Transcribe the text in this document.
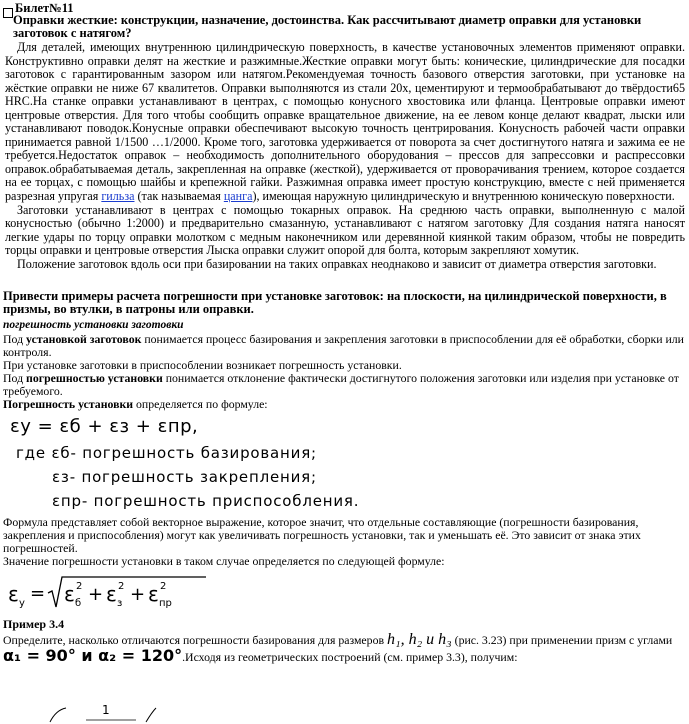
Билет№11
Оправки жесткие: конструкции, назначение, достоинства. Как рассчитывают диаметр оправки для установки заготовок с натягом?

Для деталей, имеющих внутреннюю цилиндрическую поверхность, в качестве установочных элементов применяют оправки. Конструктивно оправки делят на жесткие и разжимные.Жесткие оправки могут быть: конические, цилиндрические для посадки заготовок с гарантированным зазором или натягом.Рекомендуемая точность базового отверстия заготовки, при установке на жёсткие оправки не ниже 67 квалитетов. Оправки выполняются из стали 20х, цементируют и термообрабатывают до твёрдости65 HRC.На станке оправки устанавливают в центрах, с помощью конусного хвостовика или фланца. Центровые оправки имеют центровые отверстия. Для того чтобы сообщить оправке вращательное движение, на ее левом конце делают квадрат, лыски или устанавливают поводок.Конусные оправки обеспечивают высокую точность центрирования. Конусность рабочей части оправки принимается равной 1/1500 …1/2000. Кроме того, заготовка удерживается от поворота за счет достигнутого натяга и зажима ее не требуется.Недостаток оправок – необходимость дополнительного оборудования – прессов для запрессовки и распрессовки оправок.обрабатываемая деталь, закрепленная на оправке (жесткой), удерживается от проворачивания трением, которое создается на ее торцах, с помощью шайбы и крепежной гайки. Разжимная оправка имеет простую конструкцию, вместе с ней применяется разрезная упругая гильза (так называемая цанга), имеющая наружную цилиндрическую и внутреннюю коническую поверхности.

Заготовки устанавливают в центрах с помощью токарных оправок. На среднюю часть оправки, выполненную с малой конусностью (обычно 1:2000) и предварительно смазанную, устанавливают с натягом заготовку Для создания натяга наносят легкие удары по торцу оправки молотком с медным наконечником или деревянной киянкой таким образом, чтобы не повредить торцы оправки и центровые отверстия Лыска оправки служит опорой для болта, которым закрепляют хомутик.

Положение заготовок вдоль оси при базировании на таких оправках неоднаково и зависит от диаметра отверстия заготовки.

Привести примеры расчета погрешности при установке заготовок: на плоскости, на цилиндрической поверхности, в призмы, во втулки, в патроны или оправки.
погрешность установки заготовки

Под установкой заготовок понимается процесс базирования и закрепления заготовки в приспособлении для её обработки, сборки или контроля.

При установке заготовки в приспособлении возникает погрешность установки.

Под погрешностью установки понимается отклонение фактически достигнутого положения заготовки или изделия при установке от требуемого.

Погрешность установки определяется по формуле:

εу = εб + εз + εпр,
где εб- погрешность базирования;
εз- погрешность закрепления;
εпр- погрешность приспособления.

Формула представляет собой векторное выражение, которое значит, что отдельные составляющие (погрешности базирования, закрепления и приспособления) могут как увеличивать погрешность установки, так и уменьшать её. Это зависит от знака этих погрешностей.

Значение погрешности установки в таком случае определяется по следующей формуле:

ε y = ε 2
б + ε 2
з + ε 2
пр
Пример 3.4

Определите, насколько отличаются погрешности базирования для размеров h₁, h₂ и h₃ (рис. 3.23) при применении призм с углами

α₁ = 90° и α₂ = 120°.Исходя из геометрических построений (см. пример 3.3), получим:

1
